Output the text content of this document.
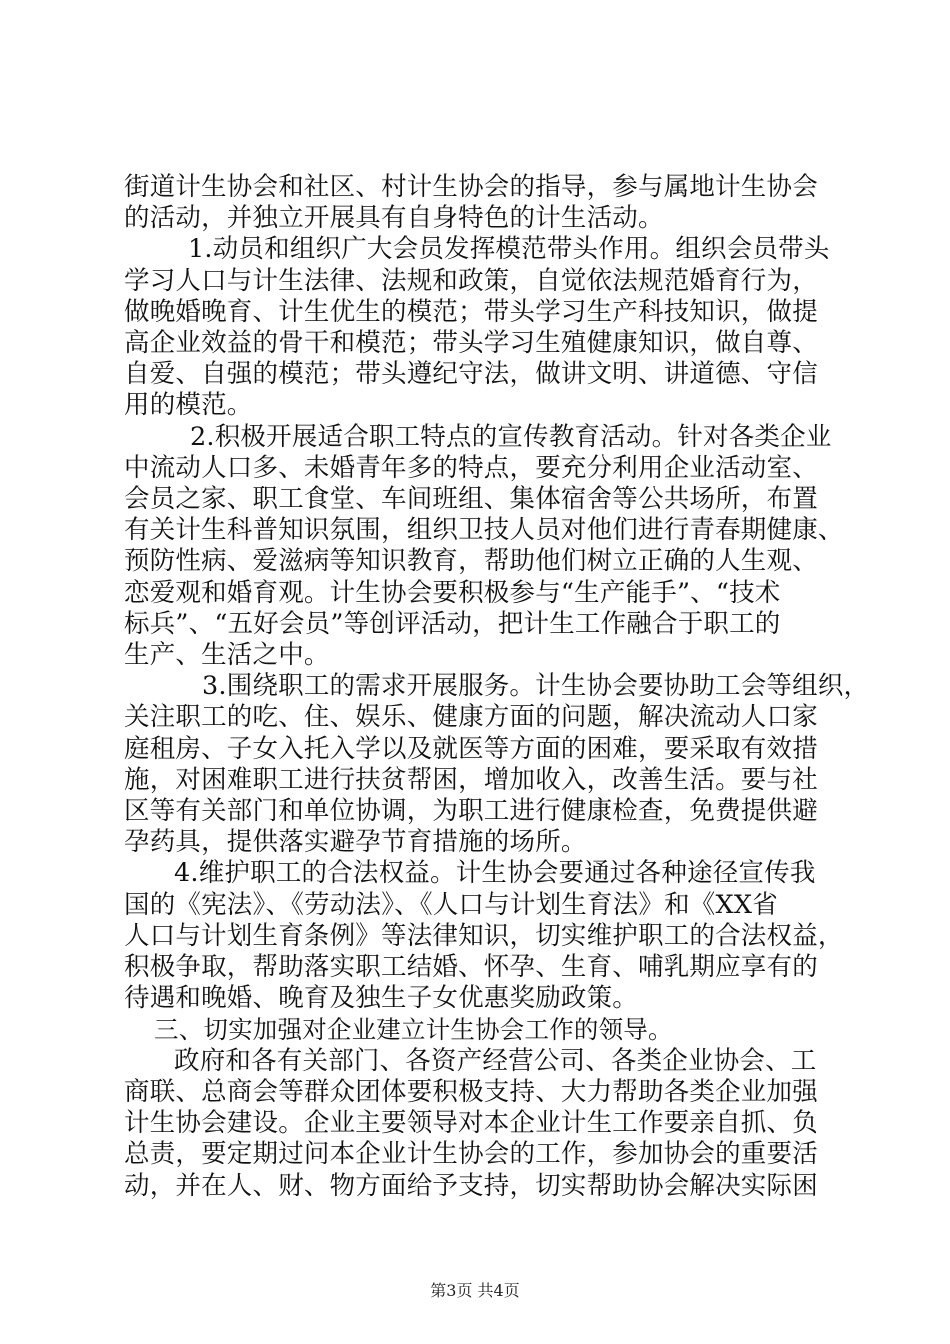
街道计生协会和社区、村计生协会的指导，参与属地计生协会
的活动，并独立开展具有自身特色的计生活动。
1.动员和组织广大会员发挥模范带头作用。组织会员带头
学习人口与计生法律、法规和政策，自觉依法规范婚育行为，
做晚婚晚育、计生优生的模范；带头学习生产科技知识，做提
高企业效益的骨干和模范；带头学习生殖健康知识，做自尊、
自爱、自强的模范；带头遵纪守法，做讲文明、讲道德、守信
用的模范。
2.积极开展适合职工特点的宣传教育活动。针对各类企业
中流动人口多、未婚青年多的特点，要充分利用企业活动室、
会员之家、职工食堂、车间班组、集体宿舍等公共场所，布置
有关计生科普知识氛围，组织卫技人员对他们进行青春期健康、
预防性病、爱滋病等知识教育，帮助他们树立正确的人生观、
恋爱观和婚育观。计生协会要积极参与“生产能手”、“技术
标兵”、“五好会员”等创评活动，把计生工作融合于职工的
生产、生活之中。
3.围绕职工的需求开展服务。计生协会要协助工会等组织，
关注职工的吃、住、娱乐、健康方面的问题，解决流动人口家
庭租房、子女入托入学以及就医等方面的困难，要采取有效措
施，对困难职工进行扶贫帮困，增加收入，改善生活。要与社
区等有关部门和单位协调，为职工进行健康检查，免费提供避
孕药具，提供落实避孕节育措施的场所。
4.维护职工的合法权益。计生协会要通过各种途径宣传我
国的《宪法》、《劳动法》、《人口与计划生育法》和《XX省
人口与计划生育条例》等法律知识，切实维护职工的合法权益，
积极争取，帮助落实职工结婚、怀孕、生育、哺乳期应享有的
待遇和晚婚、晚育及独生子女优惠奖励政策。
三、切实加强对企业建立计生协会工作的领导。
政府和各有关部门、各资产经营公司、各类企业协会、工
商联、总商会等群众团体要积极支持、大力帮助各类企业加强
计生协会建设。企业主要领导对本企业计生工作要亲自抓、负
总责，要定期过问本企业计生协会的工作，参加协会的重要活
动，并在人、财、物方面给予支持，切实帮助协会解决实际困
第3页 共4页
